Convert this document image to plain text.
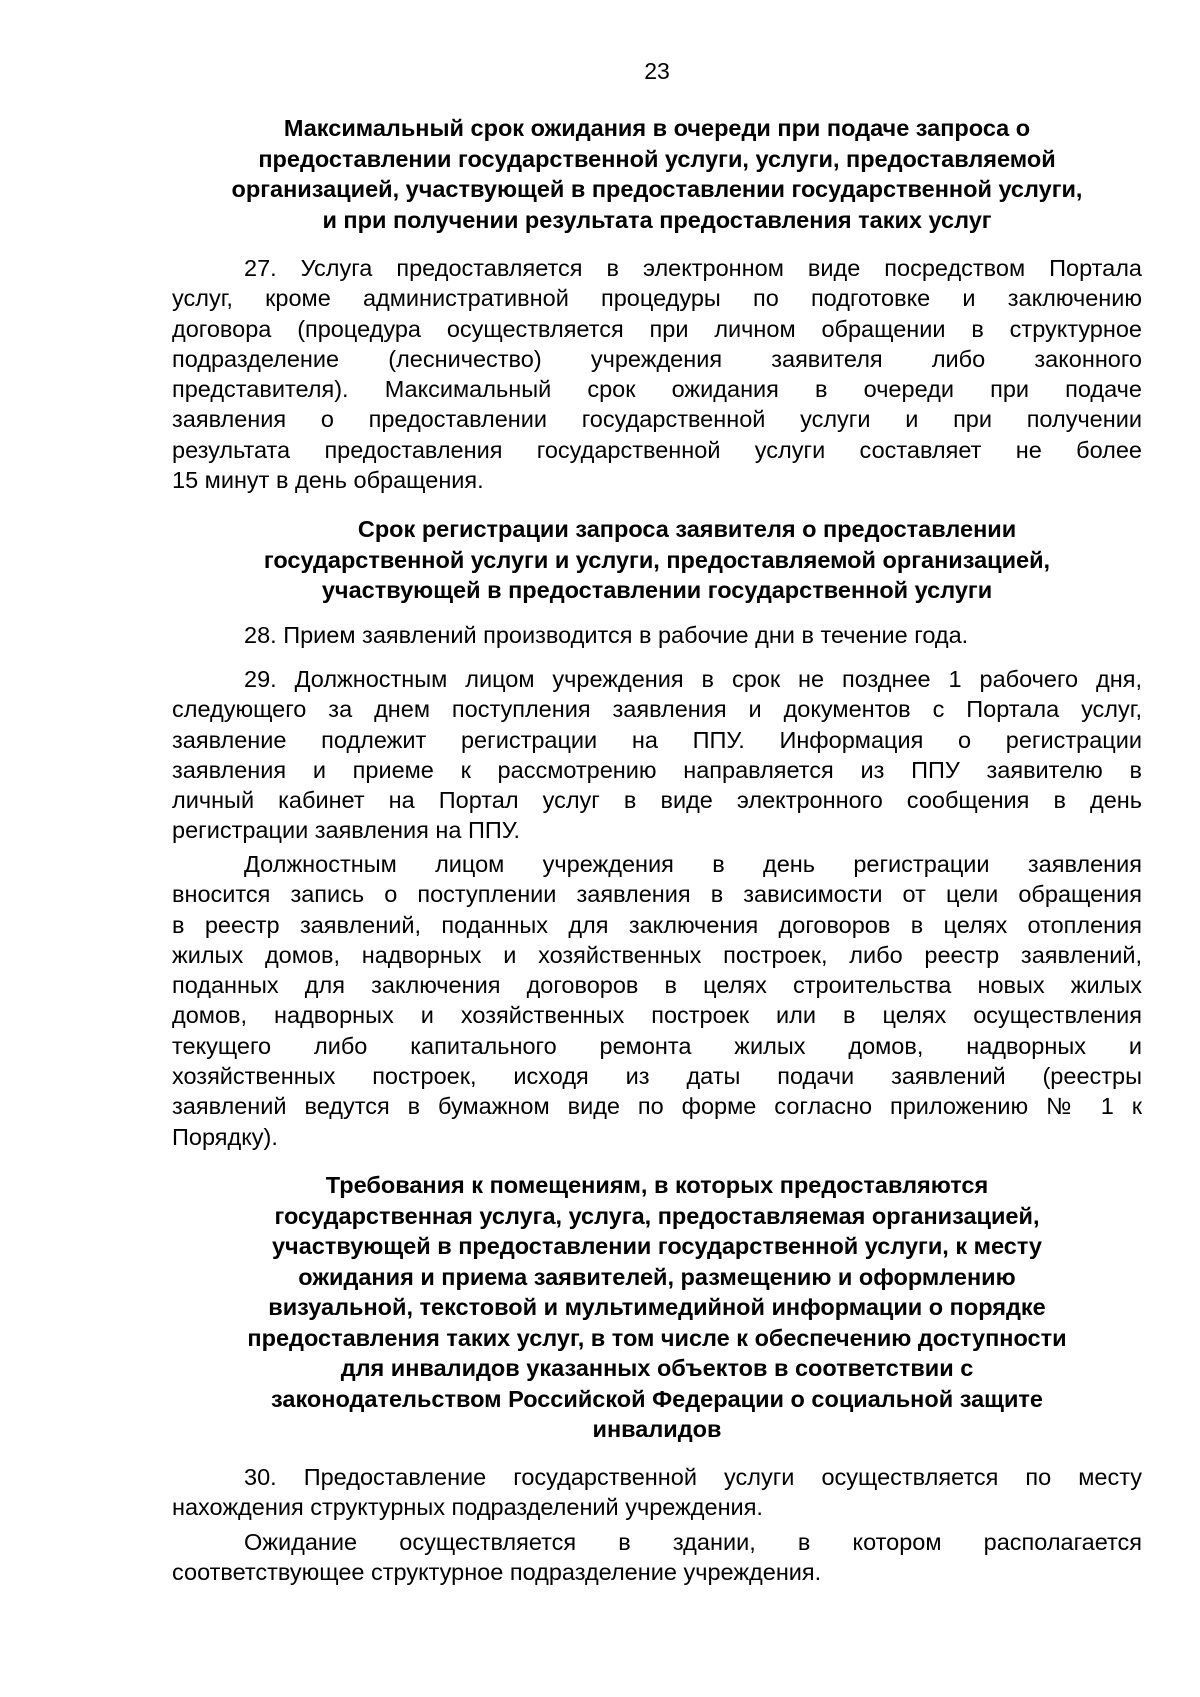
23
Максимальный срок ожидания в очереди при подаче запроса о
предоставлении государственной услуги, услуги, предоставляемой
организацией, участвующей в предоставлении государственной услуги,
и при получении результата предоставления таких услуг
27. Услуга предоставляется в электронном виде посредством Портала
услуг, кроме административной процедуры по подготовке и заключению
договора (процедура осуществляется при личном обращении в структурное
подразделение (лесничество) учреждения заявителя либо законного
представителя). Максимальный срок ожидания в очереди при подаче
заявления о предоставлении государственной услуги и при получении
результата предоставления государственной услуги составляет не более
15 минут в день обращения.
Срок регистрации запроса заявителя о предоставлении
государственной услуги и услуги, предоставляемой организацией,
участвующей в предоставлении государственной услуги
28. Прием заявлений производится в рабочие дни в течение года.
29. Должностным лицом учреждения в срок не позднее 1 рабочего дня,
следующего за днем поступления заявления и документов с Портала услуг,
заявление подлежит регистрации на ППУ. Информация о регистрации
заявления и приеме к рассмотрению направляется из ППУ заявителю в
личный кабинет на Портал услуг в виде электронного сообщения в день
регистрации заявления на ППУ.
Должностным лицом учреждения в день регистрации заявления
вносится запись о поступлении заявления в зависимости от цели обращения
в реестр заявлений, поданных для заключения договоров в целях отопления
жилых домов, надворных и хозяйственных построек, либо реестр заявлений,
поданных для заключения договоров в целях строительства новых жилых
домов, надворных и хозяйственных построек или в целях осуществления
текущего либо капитального ремонта жилых домов, надворных и
хозяйственных построек, исходя из даты подачи заявлений (реестры
заявлений ведутся в бумажном виде по форме согласно приложению № 1 к
Порядку).
Требования к помещениям, в которых предоставляются
государственная услуга, услуга, предоставляемая организацией,
участвующей в предоставлении государственной услуги, к месту
ожидания и приема заявителей, размещению и оформлению
визуальной, текстовой и мультимедийной информации о порядке
предоставления таких услуг, в том числе к обеспечению доступности
для инвалидов указанных объектов в соответствии с
законодательством Российской Федерации о социальной защите
инвалидов
30. Предоставление государственной услуги осуществляется по месту
нахождения структурных подразделений учреждения.
Ожидание осуществляется в здании, в котором располагается
соответствующее структурное подразделение учреждения.
